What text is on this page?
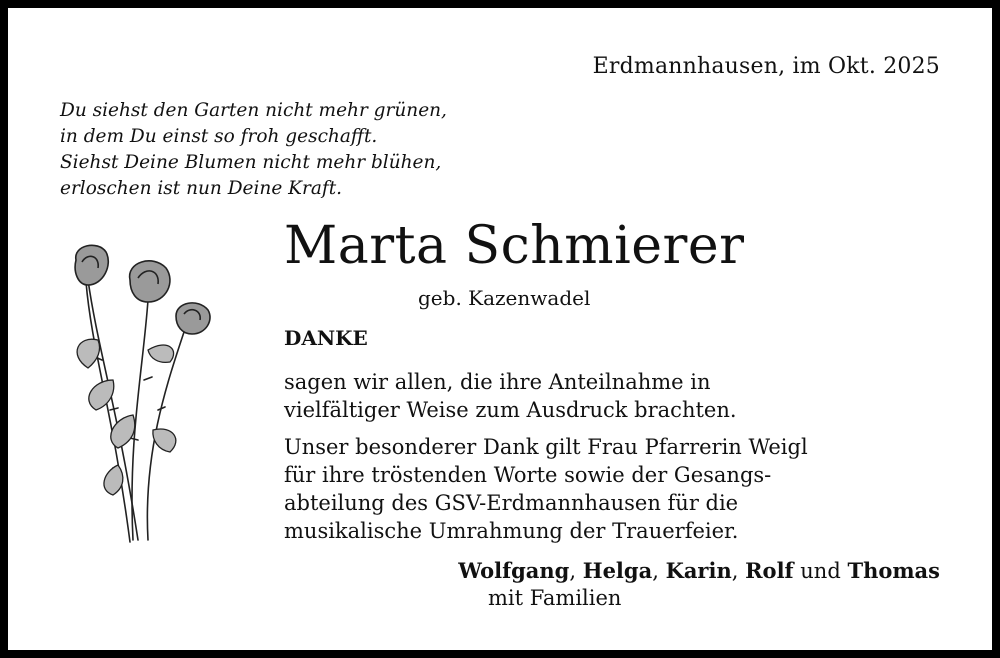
Erdmannhausen, im Okt. 2025
Du siehst den Garten nicht mehr grünen,
in dem Du einst so froh geschafft.
Siehst Deine Blumen nicht mehr blühen,
erloschen ist nun Deine Kraft.
Marta Schmierer
geb. Kazenwadel
DANKE
sagen wir allen, die ihre Anteilnahme in
vielfältiger Weise zum Ausdruck brachten.
Unser besonderer Dank gilt Frau Pfarrerin Weigl
für ihre tröstenden Worte sowie der Gesangs-
abteilung des GSV-Erdmannhausen für die
musikalische Umrahmung der Trauerfeier.
Wolfgang, Helga, Karin, Rolf und Thomas
mit Familien
